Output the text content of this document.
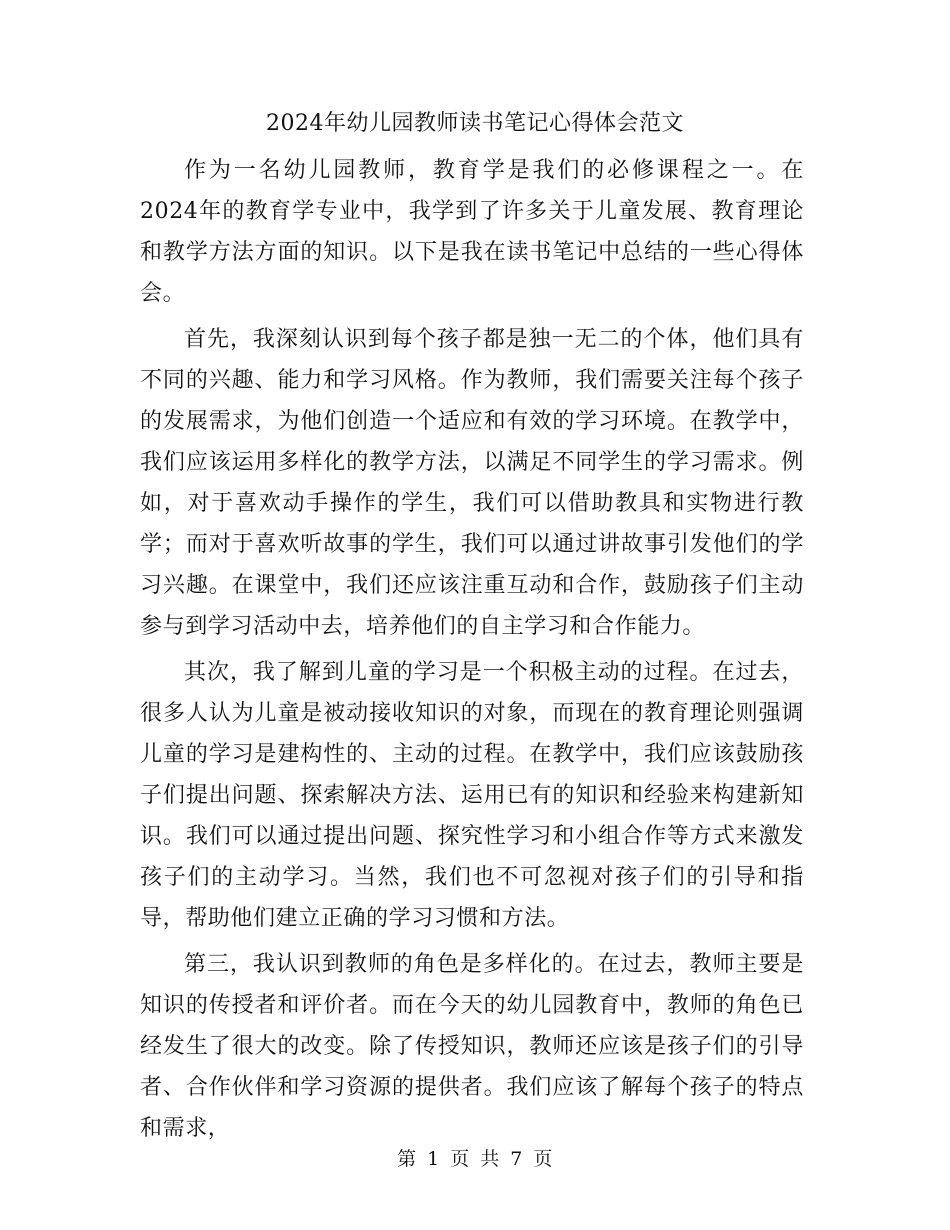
2024年幼儿园教师读书笔记心得体会范文

作为一名幼儿园教师，教育学是我们的必修课程之一。在2024年的教育学专业中，我学到了许多关于儿童发展、教育理论和教学方法方面的知识。以下是我在读书笔记中总结的一些心得体会。

首先，我深刻认识到每个孩子都是独一无二的个体，他们具有不同的兴趣、能力和学习风格。作为教师，我们需要关注每个孩子的发展需求，为他们创造一个适应和有效的学习环境。在教学中，我们应该运用多样化的教学方法，以满足不同学生的学习需求。例如，对于喜欢动手操作的学生，我们可以借助教具和实物进行教学；而对于喜欢听故事的学生，我们可以通过讲故事引发他们的学习兴趣。在课堂中，我们还应该注重互动和合作，鼓励孩子们主动参与到学习活动中去，培养他们的自主学习和合作能力。

其次，我了解到儿童的学习是一个积极主动的过程。在过去，很多人认为儿童是被动接收知识的对象，而现在的教育理论则强调儿童的学习是建构性的、主动的过程。在教学中，我们应该鼓励孩子们提出问题、探索解决方法、运用已有的知识和经验来构建新知识。我们可以通过提出问题、探究性学习和小组合作等方式来激发孩子们的主动学习。当然，我们也不可忽视对孩子们的引导和指导，帮助他们建立正确的学习习惯和方法。

第三，我认识到教师的角色是多样化的。在过去，教师主要是知识的传授者和评价者。而在今天的幼儿园教育中，教师的角色已经发生了很大的改变。除了传授知识，教师还应该是孩子们的引导者、合作伙伴和学习资源的提供者。我们应该了解每个孩子的特点和需求，

第 1 页 共 7 页
